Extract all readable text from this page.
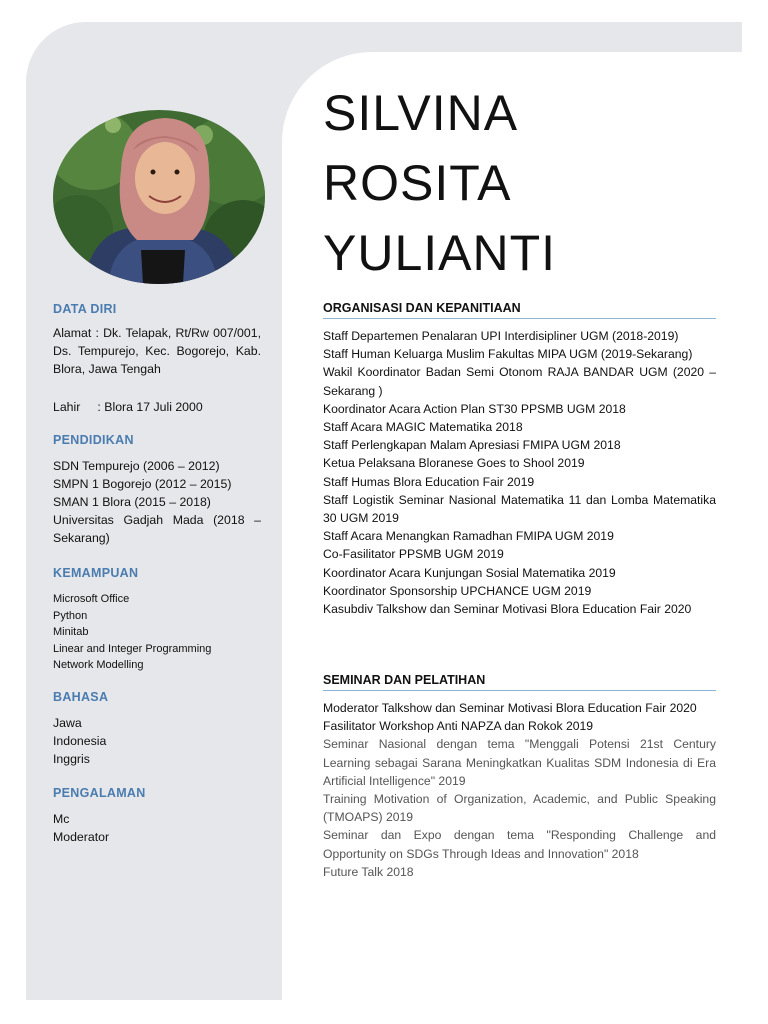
DATA DIRI
Alamat : Dk. Telapak, Rt/Rw 007/001, Ds. Tempurejo, Kec. Bogorejo, Kab. Blora, Jawa Tengah
Lahir     : Blora 17 Juli 2000
PENDIDIKAN
SDN Tempurejo (2006 – 2012)
SMPN 1 Bogorejo (2012 – 2015)
SMAN 1 Blora (2015 – 2018)
Universitas Gadjah Mada (2018 – Sekarang)
KEMAMPUAN
Microsoft Office
Python
Minitab
Linear and Integer Programming
Network Modelling
BAHASA
Jawa
Indonesia
Inggris
PENGALAMAN
Mc
Moderator
SILVINA
ROSITA
YULIANTI
ORGANISASI DAN KEPANITIAAN
Staff Departemen Penalaran UPI Interdisipliner UGM (2018-2019)
Staff Human Keluarga Muslim Fakultas MIPA UGM (2019-Sekarang)
Wakil Koordinator Badan Semi Otonom RAJA BANDAR UGM (2020 – Sekarang )
Koordinator Acara Action Plan ST30 PPSMB UGM 2018
Staff Acara MAGIC Matematika 2018
Staff Perlengkapan Malam Apresiasi FMIPA UGM 2018
Ketua Pelaksana Bloranese Goes to Shool 2019
Staff Humas Blora Education Fair 2019
Staff Logistik Seminar Nasional Matematika 11 dan Lomba Matematika 30 UGM 2019
Staff Acara Menangkan Ramadhan FMIPA UGM 2019
Co-Fasilitator PPSMB UGM 2019
Koordinator Acara Kunjungan Sosial Matematika 2019
Koordinator Sponsorship UPCHANCE UGM 2019
Kasubdiv Talkshow dan Seminar Motivasi Blora Education Fair 2020
SEMINAR DAN PELATIHAN
Moderator Talkshow dan Seminar Motivasi Blora Education Fair 2020
Fasilitator Workshop Anti NAPZA dan Rokok 2019
Seminar Nasional dengan tema "Menggali Potensi 21st Century Learning sebagai Sarana Meningkatkan Kualitas SDM Indonesia di Era Artificial Intelligence" 2019
Training Motivation of Organization, Academic, and Public Speaking (TMOAPS) 2019
Seminar dan Expo dengan tema "Responding Challenge and Opportunity on SDGs Through Ideas and Innovation" 2018
Future Talk 2018
